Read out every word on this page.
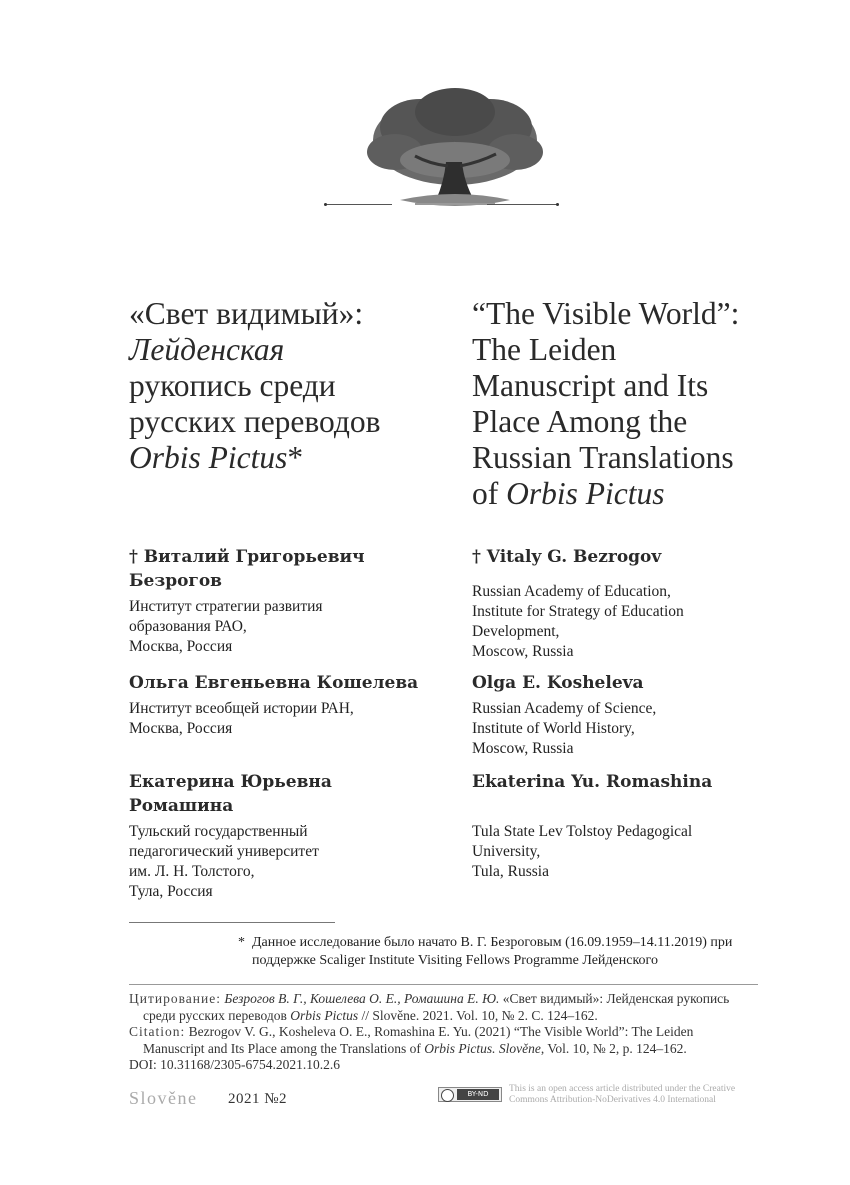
«Свет видимый»:
Лейденская
рукопись среди
русских переводов
Orbis Pictus*
“The Visible World”:
The Leiden
Manuscript and Its
Place Among the
Russian Translations
of Orbis Pictus

† Виталий Григорьевич Безрогов

Институт стратегии развития
образования РАО,
Москва, Россия

Ольга Евгеньевна Кошелева

Институт всеобщей истории РАН,
Москва, Россия

Екатерина Юрьевна Ромашина

Тульский государственный
педагогический университет
им. Л. Н. Толстого,
Тула, Россия

† Vitaly G. Bezrogov

Russian Academy of Education,
Institute for Strategy of Education
Development,
Moscow, Russia

Olga E. Kosheleva

Russian Academy of Science,
Institute of World History,
Moscow, Russia

Ekaterina Yu. Romashina

Tula State Lev Tolstoy Pedagogical
University,
Tula, Russia

* Данное исследование было начато В. Г. Безроговым (16.09.1959–14.11.2019) при поддержке Scaliger Institute Visiting Fellows Programme Лейденского
Цитирование: Безрогов В. Г., Кошелева О. Е., Ромашина Е. Ю. «Свет видимый»: Лейденская рукопись
среди русских переводов Orbis Pictus // Slověne. 2021. Vol. 10, № 2. С. 124–162.
Citation: Bezrogov V. G., Kosheleva O. E., Romashina E. Yu. (2021) “The Visible World”: The Leiden
Manuscript and Its Place among the Translations of Orbis Pictus. Slověne, Vol. 10, № 2, p. 124–162.
DOI: 10.31168/2305-6754.2021.10.2.6
Slověne 2021 №2	BY-ND	This is an open access article distributed under the Creative Commons Attribution-NoDerivatives 4.0 International
